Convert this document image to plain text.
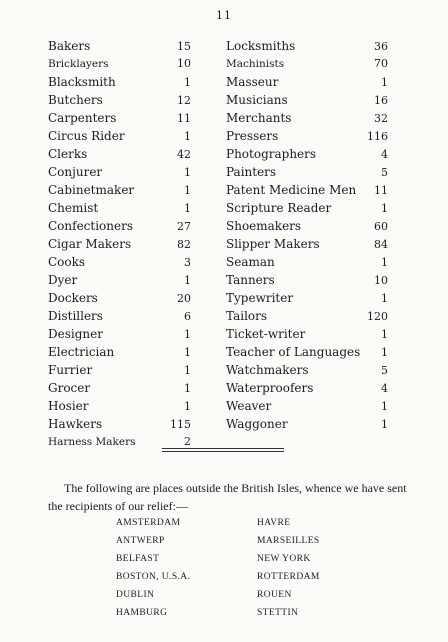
11
Bakers	15
Bricklayers	10
Blacksmith	1
Butchers	12
Carpenters	11
Circus Rider	1
Clerks	42
Conjurer	1
Cabinetmaker	1
Chemist	1
Confectioners	27
Cigar Makers	82
Cooks	3
Dyer	1
Dockers	20
Distillers	6
Designer	1
Electrician	1
Furrier	1
Grocer	1
Hosier	1
Hawkers	115
Harness Makers	2
Locksmiths	36
Machinists	70
Masseur	1
Musicians	16
Merchants	32
Pressers	116
Photographers	4
Painters	5
Patent Medicine Men	11
Scripture Reader	1
Shoemakers	60
Slipper Makers	84
Seaman	1
Tanners	10
Typewriter	1
Tailors	120
Ticket-writer	1
Teacher of Languages	1
Watchmakers	5
Waterproofers	4
Weaver	1
Waggoner	1

The following are places outside the British Isles, whence we have sent the recipients of our relief:—

AMSTERDAM
ANTWERP
BELFAST
BOSTON, U.S.A.
DUBLIN
HAMBURG
HAVRE
MARSEILLES
NEW YORK
ROTTERDAM
ROUEN
STETTIN
